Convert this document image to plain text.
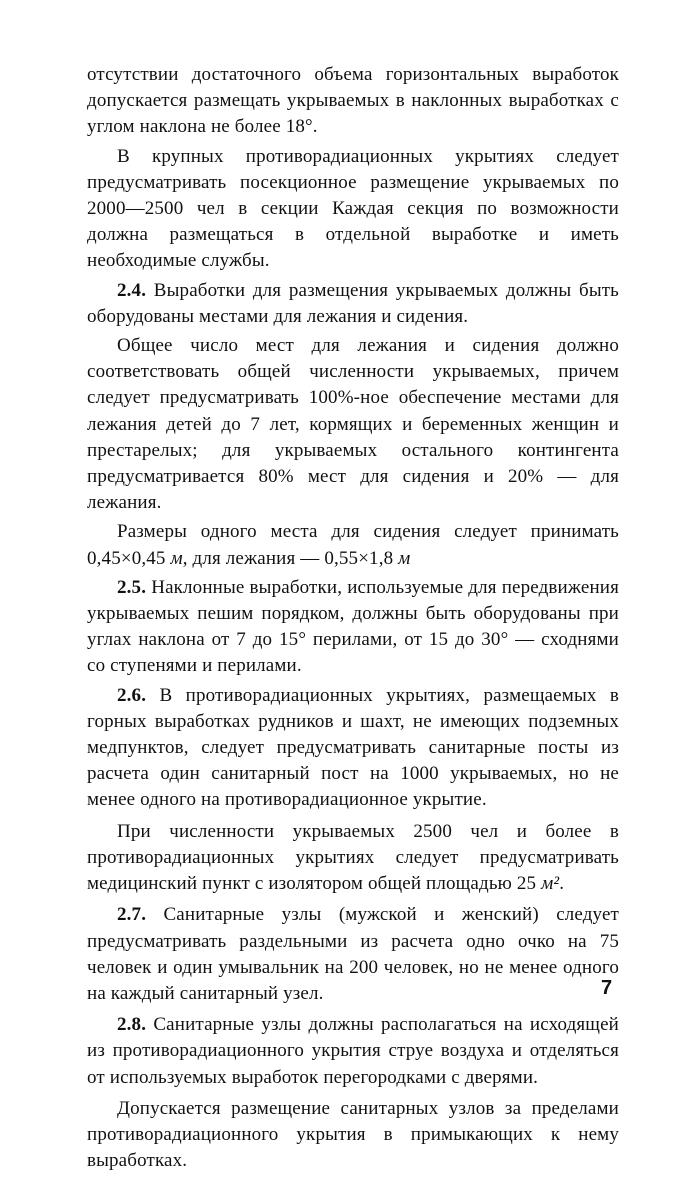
отсутствии достаточного объема горизонтальных выработок допускается размещать укрываемых в наклонных выработках с углом наклона не более 18°.

В крупных противорадиационных укрытиях следует предусматривать посекционное размещение укрываемых по 2000—2500 чел в секции Каждая секция по возможности должна размещаться в отдельной выработке и иметь необходимые службы.

2.4. Выработки для размещения укрываемых должны быть оборудованы местами для лежания и сидения.

Общее число мест для лежания и сидения должно соответствовать общей численности укрываемых, причем следует предусматривать 100%-ное обеспечение местами для лежания детей до 7 лет, кормящих и беременных женщин и престарелых; для укрываемых остального контингента предусматривается 80% мест для сидения и 20% — для лежания.

Размеры одного места для сидения следует принимать 0,45×0,45 м, для лежания — 0,55×1,8 м

2.5. Наклонные выработки, используемые для передвижения укрываемых пешим порядком, должны быть оборудованы при углах наклона от 7 до 15° перилами, от 15 до 30° — сходнями со ступенями и перилами.

2.6. В противорадиационных укрытиях, размещаемых в горных выработках рудников и шахт, не имеющих подземных медпунктов, следует предусматривать санитарные посты из расчета один санитарный пост на 1000 укрываемых, но не менее одного на противорадиационное укрытие.

При численности укрываемых 2500 чел и более в противорадиационных укрытиях следует предусматривать медицинский пункт с изолятором общей площадью 25 м².

2.7. Санитарные узлы (мужской и женский) следует предусматривать раздельными из расчета одно очко на 75 человек и один умывальник на 200 человек, но не менее одного на каждый санитарный узел.

2.8. Санитарные узлы должны располагаться на исходящей из противорадиационного укрытия струе воздуха и отделяться от используемых выработок перегородками с дверями.

Допускается размещение санитарных узлов за пределами противорадиационного укрытия в примыкающих к нему выработках.

7
